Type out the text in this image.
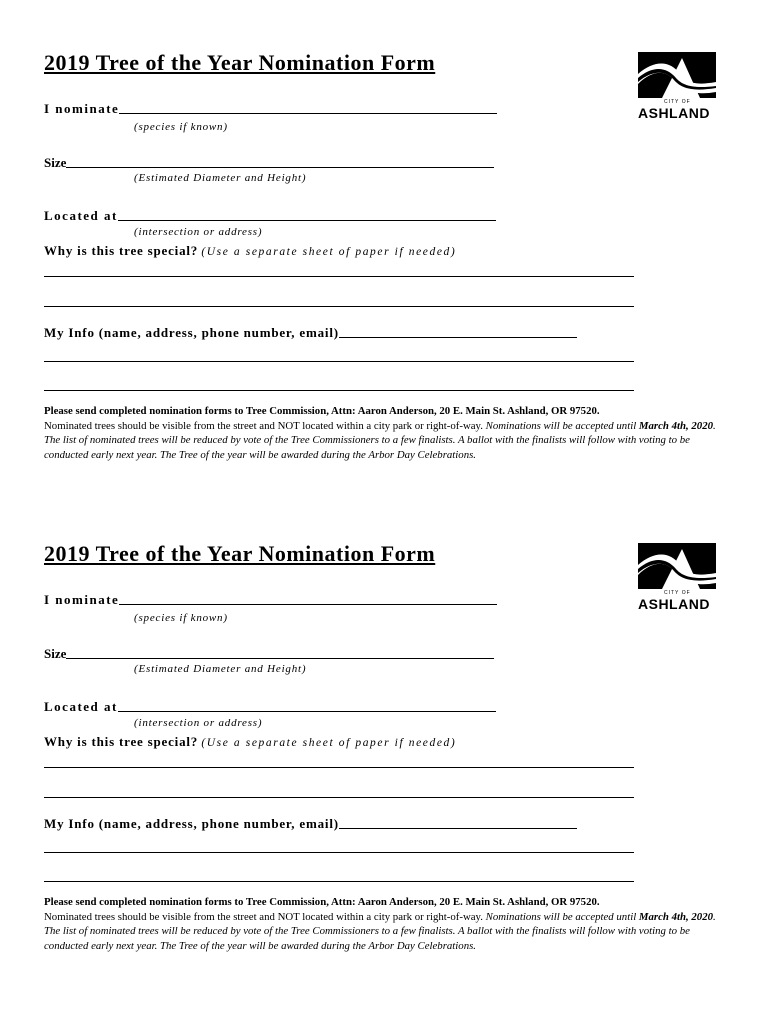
2019 Tree of the Year Nomination Form
CITY OF
ASHLAND
I nominate
(species if known)
Size
(Estimated Diameter and Height)
Located at
(intersection or address)
Why is this tree special? (Use a separate sheet of paper if needed)
My Info (name, address, phone number, email)
Please send completed nomination forms to Tree Commission, Attn: Aaron Anderson, 20 E. Main St. Ashland, OR 97520.
Nominated trees should be visible from the street and NOT located within a city park or right-of-way. Nominations will be accepted until March 4th, 2020. The list of nominated trees will be reduced by vote of the Tree Commissioners to a few finalists. A ballot with the finalists will follow with voting to be conducted early next year. The Tree of the year will be awarded during the Arbor Day Celebrations.
2019 Tree of the Year Nomination Form
CITY OF
ASHLAND
I nominate
(species if known)
Size
(Estimated Diameter and Height)
Located at
(intersection or address)
Why is this tree special? (Use a separate sheet of paper if needed)
My Info (name, address, phone number, email)
Please send completed nomination forms to Tree Commission, Attn: Aaron Anderson, 20 E. Main St. Ashland, OR 97520.
Nominated trees should be visible from the street and NOT located within a city park or right-of-way. Nominations will be accepted until March 4th, 2020. The list of nominated trees will be reduced by vote of the Tree Commissioners to a few finalists. A ballot with the finalists will follow with voting to be conducted early next year. The Tree of the year will be awarded during the Arbor Day Celebrations.
